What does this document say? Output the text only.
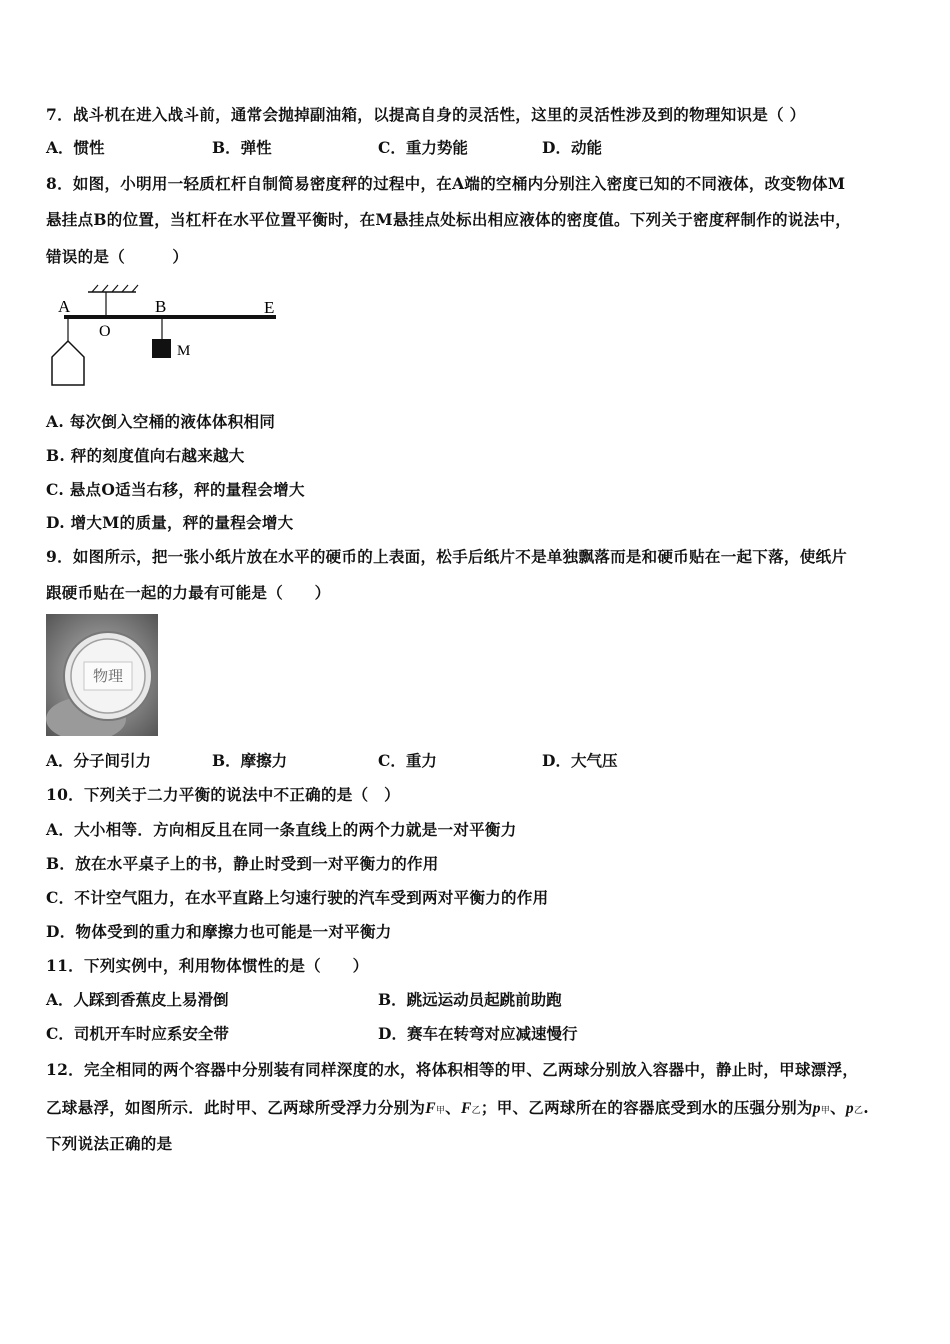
7．战斗机在进入战斗前，通常会抛掉副油箱，以提高自身的灵活性，这里的灵活性涉及到的物理知识是（ ）
A．惯性	B．弹性	C．重力势能	D．动能
8．如图，小明用一轻质杠杆自制简易密度秤的过程中，在A端的空桶内分别注入密度已知的不同液体，改变物体M
悬挂点B的位置，当杠杆在水平位置平衡时，在M悬挂点处标出相应液体的密度值。下列关于密度秤制作的说法中，
错误的是（　　　）
A
O
B	E
M
A. 每次倒入空桶的液体体积相同
B. 秤的刻度值向右越来越大
C. 悬点O适当右移，秤的量程会增大
D. 增大M的质量，秤的量程会增大
9．如图所示，把一张小纸片放在水平的硬币的上表面，松手后纸片不是单独飘落而是和硬币贴在一起下落，使纸片
跟硬币贴在一起的力最有可能是（　　）
物理
A．分子间引力	B．摩擦力	C．重力	D．大气压
10．下列关于二力平衡的说法中不正确的是（　）
A．大小相等．方向相反且在同一条直线上的两个力就是一对平衡力
B．放在水平桌子上的书，静止时受到一对平衡力的作用
C．不计空气阻力，在水平直路上匀速行驶的汽车受到两对平衡力的作用
D．物体受到的重力和摩擦力也可能是一对平衡力
11．下列实例中，利用物体惯性的是（　　）
A．人踩到香蕉皮上易滑倒	B．跳远运动员起跳前助跑
C．司机开车时应系安全带	D．赛车在转弯对应减速慢行
12．完全相同的两个容器中分别装有同样深度的水，将体积相等的甲、乙两球分别放入容器中，静止时，甲球漂浮，
乙球悬浮，如图所示．此时甲、乙两球所受浮力分别为F甲、F乙；甲、乙两球所在的容器底受到水的压强分别为p甲、p乙.
下列说法正确的是
